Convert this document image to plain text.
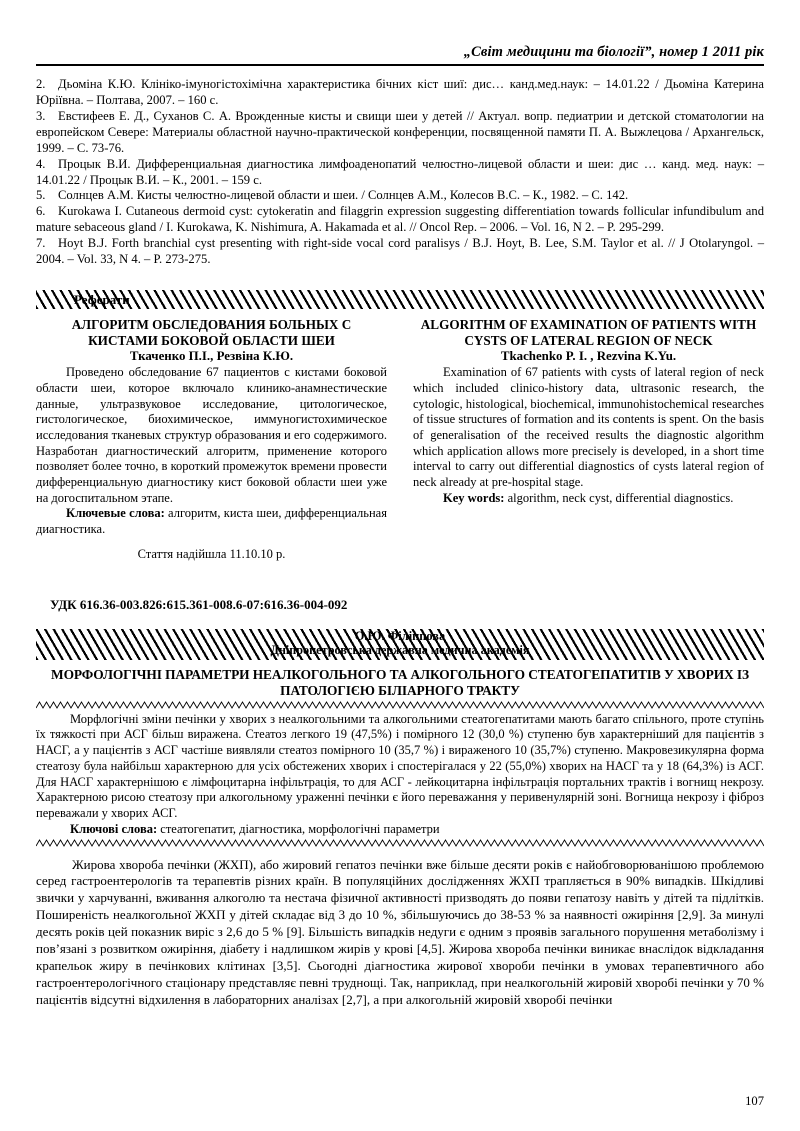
„Світ медицини та біології”, номер 1 2011 рік

2. Дьоміна К.Ю. Клініко-імуногістохімічна характеристика бічних кіст шиї: дис… канд.мед.наук: – 14.01.22 / Дьоміна Катерина Юріївна. – Полтава, 2007. – 160 с.

3. Евстифеев Е. Д., Суханов С. А. Врожденные кисты и свищи шеи у детей // Актуал. вопр. педиатрии и детской стоматологии на европейском Севере: Материалы областной научно-практической конференции, посвященной памяти П. А. Выжлецова / Архангельск, 1999. – С. 73-76.

4. Процык В.И. Дифференциальная диагностика лимфоаденопатий челюстно-лицевой области и шеи: дис … канд. мед. наук: – 14.01.22 / Процык В.И. – К., 2001. – 159 с.

5. Солнцев А.М. Кисты челюстно-лицевой области и шеи. / Солнцев А.М., Колесов В.С. – К., 1982. – С. 142.

6. Kurokawa I. Cutaneous dermoid cyst: cytokeratin and filaggrin expression suggesting differentiation towards follicular infundibulum and mature sebaceous gland / I. Kurokawa, K. Nishimura, A. Hakamada et al. // Oncol Rep. – 2006. – Vol. 16, N 2. – P. 295-299.

7. Hoyt B.J. Forth branchial cyst presenting with right-side vocal cord paralisys / B.J. Hoyt, B. Lee, S.M. Taylor et al. // J Otolaryngol. – 2004. – Vol. 33, N 4. – P. 273-275.

Реферати
АЛГОРИТМ ОБСЛЕДОВАНИЯ БОЛЬНЫХ С КИСТАМИ БОКОВОЙ ОБЛАСТИ ШЕИ
Ткаченко П.І., Резвіна К.Ю.
Проведено обследование 67 пациентов с кистами боковой области шеи, которое включало клинико-анамнестические данные, ультразвуковое исследование, цитологическое, гистологическое, биохимическое, иммуногистохимическое исследования тканевых структур образования и его содержимого. Назработан диагностический алгоритм, применение которого позволяет более точно, в короткий промежуток времени провести дифференциальную диагностику кист боковой области шеи уже на догоспитальном этапе.
Ключевые слова: алгоритм, киста шеи, дифференциальная диагностика.
Стаття надійшла 11.10.10 р.
ALGORITHM OF EXAMINATION OF PATIENTS WITH CYSTS OF LATERAL REGION OF NECK
Tkachenko P. I. , Rezvina K.Yu.
Examination of 67 patients with cysts of lateral region of neck which included clinico-history data, ultrasonic research, the cytologic, histological, biochemical, immunohistochemical researches of tissue structures of formation and its contents is spent. On the basis of generalisation of the received results the diagnostic algorithm which application allows more precisely is developed, in a short time interval to carry out differential diagnostics of cysts lateral region of neck already at pre-hospital stage.
Key words: algorithm, neck cyst, differential diagnostics.
УДК 616.36-003.826:615.361-008.6-07:616.36-004-092
О.Ю. Філіппова
Дніпропетровська державна медична академія
МОРФОЛОГІЧНІ ПАРАМЕТРИ НЕАЛКОГОЛЬНОГО ТА АЛКОГОЛЬНОГО СТЕАТОГЕПАТИТІВ У ХВОРИХ ІЗ ПАТОЛОГІЄЮ БІЛІАРНОГО ТРАКТУ

Морфлогічні зміни печінки у хворих з неалкогольними та алкогольними стеатогепатитами мають багато спільного, проте ступінь їх тяжкості при АСГ більш виражена. Стеатоз легкого 19 (47,5%) і помірного 12 (30,0 %) ступеню був характерніший для пацієнтів з НАСГ, а у пацієнтів з АСГ частіше виявляли стеатоз помірного 10 (35,7 %) і вираженого 10 (35,7%) ступеню. Макровезикулярна форма стеатозу була найбільш характерною для усіх обстежених хворих і спостерігалася у 22 (55,0%) хворих на НАСГ та у 18 (64,3%) із АСГ. Для НАСГ характернішою є лімфоцитарна інфільтрація, то для АСГ - лейкоцитарна інфільтрація портальних трактів і вогнищ некрозу. Характерною рисою стеатозу при алкогольному ураженні печінки є його переважання у перивенулярній зоні. Вогнища некрозу і фіброз переважали у хворих АСГ.

Ключові слова: стеатогепатит, діагностика, морфологічні параметри

Жирова хвороба печінки (ЖХП), або жировий гепатоз печінки вже більше десяти років є найобговорюванішою проблемою серед гастроентерологів та терапевтів різних країн. В популяційних дослідженнях ЖХП трапляється в 90% випадків. Шкідливі звички у харчуванні, вживання алкоголю та нестача фізичної активності призводять до появи гепатозу навіть у дітей та підлітків. Поширеність неалкогольної ЖХП у дітей складає від 3 до 10 %, збільшуючись до 38-53 % за наявності ожиріння [2,9]. За минулі десять років цей показник виріс з 2,6 до 5 % [9]. Більшість випадків недуги є одним з проявів загального порушення метаболізму і пов’язані з розвитком ожиріння, діабету і надлишком жирів у крові [4,5]. Жирова хвороба печінки виникає внаслідок відкладання крапельок жиру в печінкових клітинах [3,5]. Сьогодні діагностика жирової хвороби печінки в умовах терапевтичного або гастроентерологічного стаціонару представляє певні труднощі. Так, наприклад, при неалкогольній жировій хворобі печінки у 70 % пацієнтів відсутні відхилення в лабораторних аналізах [2,7], а при алкогольній жировій хворобі печінки

107
